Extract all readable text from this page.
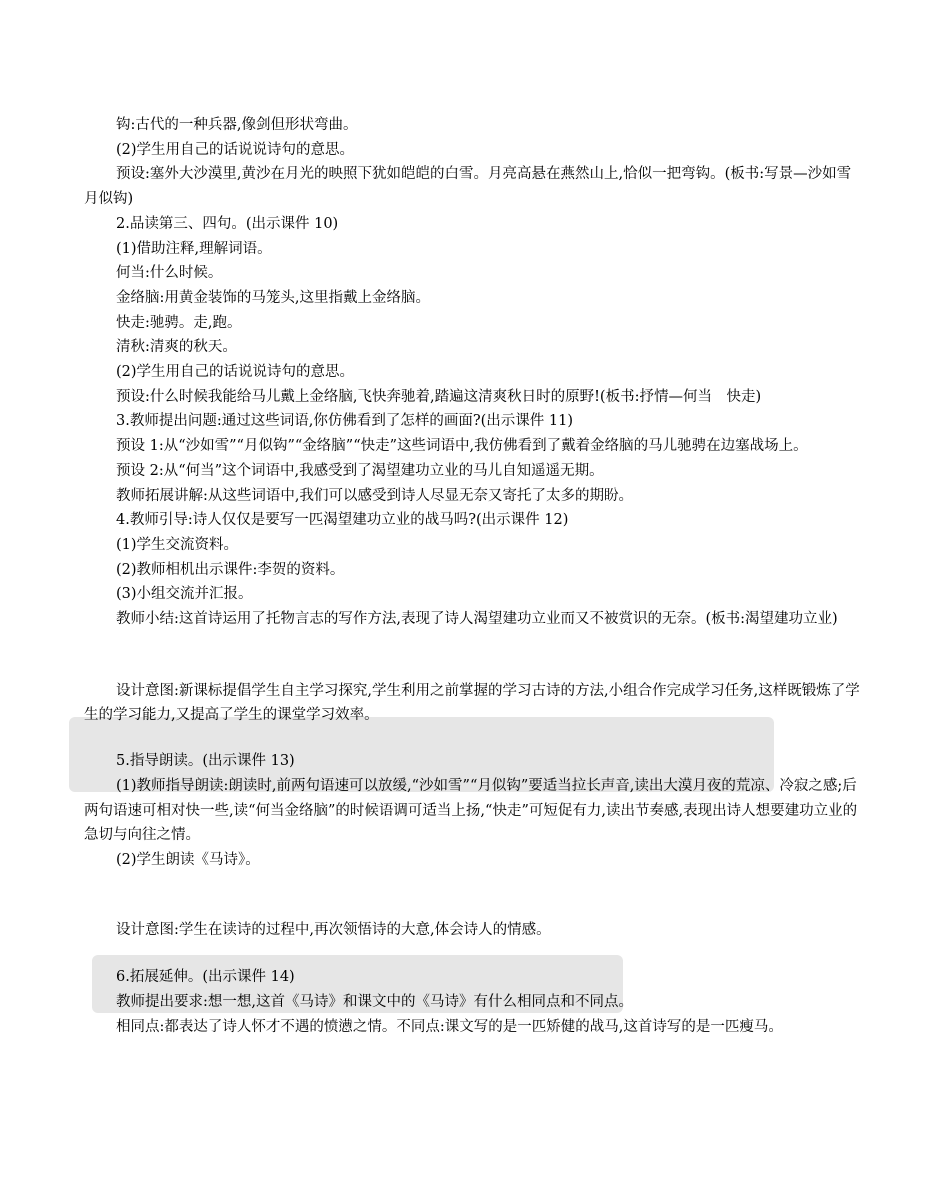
钩:古代的一种兵器,像剑但形状弯曲。

(2)学生用自己的话说说诗句的意思。

预设:塞外大沙漠里,黄沙在月光的映照下犹如皑皑的白雪。月亮高悬在燕然山上,恰似一把弯钩。(板书:写景—沙如雪　月似钩)

2.品读第三、四句。(出示课件 10)

(1)借助注释,理解词语。

何当:什么时候。

金络脑:用黄金装饰的马笼头,这里指戴上金络脑。

快走:驰骋。走,跑。

清秋:清爽的秋天。

(2)学生用自己的话说说诗句的意思。

预设:什么时候我能给马儿戴上金络脑,飞快奔驰着,踏遍这清爽秋日时的原野!(板书:抒情—何当　快走)

3.教师提出问题:通过这些词语,你仿佛看到了怎样的画面?(出示课件 11)

预设 1:从“沙如雪”“月似钩”“金络脑”“快走”这些词语中,我仿佛看到了戴着金络脑的马儿驰骋在边塞战场上。

预设 2:从“何当”这个词语中,我感受到了渴望建功立业的马儿自知遥遥无期。

教师拓展讲解:从这些词语中,我们可以感受到诗人尽显无奈又寄托了太多的期盼。

4.教师引导:诗人仅仅是要写一匹渴望建功立业的战马吗?(出示课件 12)

(1)学生交流资料。

(2)教师相机出示课件:李贺的资料。

(3)小组交流并汇报。

教师小结:这首诗运用了托物言志的写作方法,表现了诗人渴望建功立业而又不被赏识的无奈。(板书:渴望建功立业)

设计意图:新课标提倡学生自主学习探究,学生利用之前掌握的学习古诗的方法,小组合作完成学习任务,这样既锻炼了学生的学习能力,又提高了学生的课堂学习效率。

5.指导朗读。(出示课件 13)

(1)教师指导朗读:朗读时,前两句语速可以放缓,“沙如雪”“月似钩”要适当拉长声音,读出大漠月夜的荒凉、冷寂之感;后两句语速可相对快一些,读“何当金络脑”的时候语调可适当上扬,“快走”可短促有力,读出节奏感,表现出诗人想要建功立业的急切与向往之情。

(2)学生朗读《马诗》。

设计意图:学生在读诗的过程中,再次领悟诗的大意,体会诗人的情感。

6.拓展延伸。(出示课件 14)

教师提出要求:想一想,这首《马诗》和课文中的《马诗》有什么相同点和不同点。

相同点:都表达了诗人怀才不遇的愤懑之情。不同点:课文写的是一匹矫健的战马,这首诗写的是一匹瘦马。
